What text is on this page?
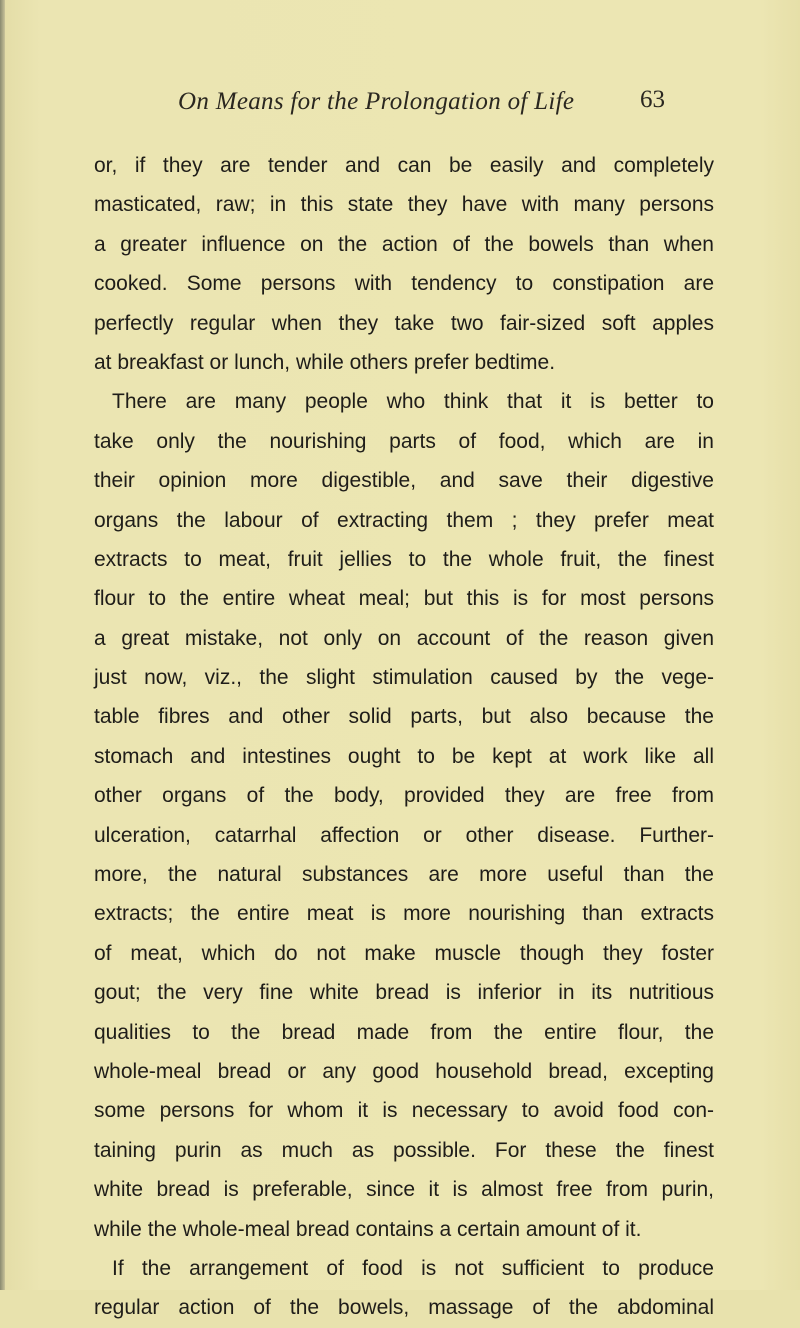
On Means for the Prolongation of Life	63
or, if they are tender and can be easily and completely
masticated, raw; in this state they have with many persons
a greater influence on the action of the bowels than when
cooked. Some persons with tendency to constipation are
perfectly regular when they take two fair-sized soft apples
at breakfast or lunch, while others prefer bedtime.
There are many people who think that it is better to
take only the nourishing parts of food, which are in
their opinion more digestible, and save their digestive
organs the labour of extracting them ; they prefer meat
extracts to meat, fruit jellies to the whole fruit, the finest
flour to the entire wheat meal; but this is for most persons
a great mistake, not only on account of the reason given
just now, viz., the slight stimulation caused by the vege-
table fibres and other solid parts, but also because the
stomach and intestines ought to be kept at work like all
other organs of the body, provided they are free from
ulceration, catarrhal affection or other disease. Further-
more, the natural substances are more useful than the
extracts; the entire meat is more nourishing than extracts
of meat, which do not make muscle though they foster
gout; the very fine white bread is inferior in its nutritious
qualities to the bread made from the entire flour, the
whole-meal bread or any good household bread, excepting
some persons for whom it is necessary to avoid food con-
taining purin as much as possible. For these the finest
white bread is preferable, since it is almost free from purin,
while the whole-meal bread contains a certain amount of it.
If the arrangement of food is not sufficient to produce
regular action of the bowels, massage of the abdominal
